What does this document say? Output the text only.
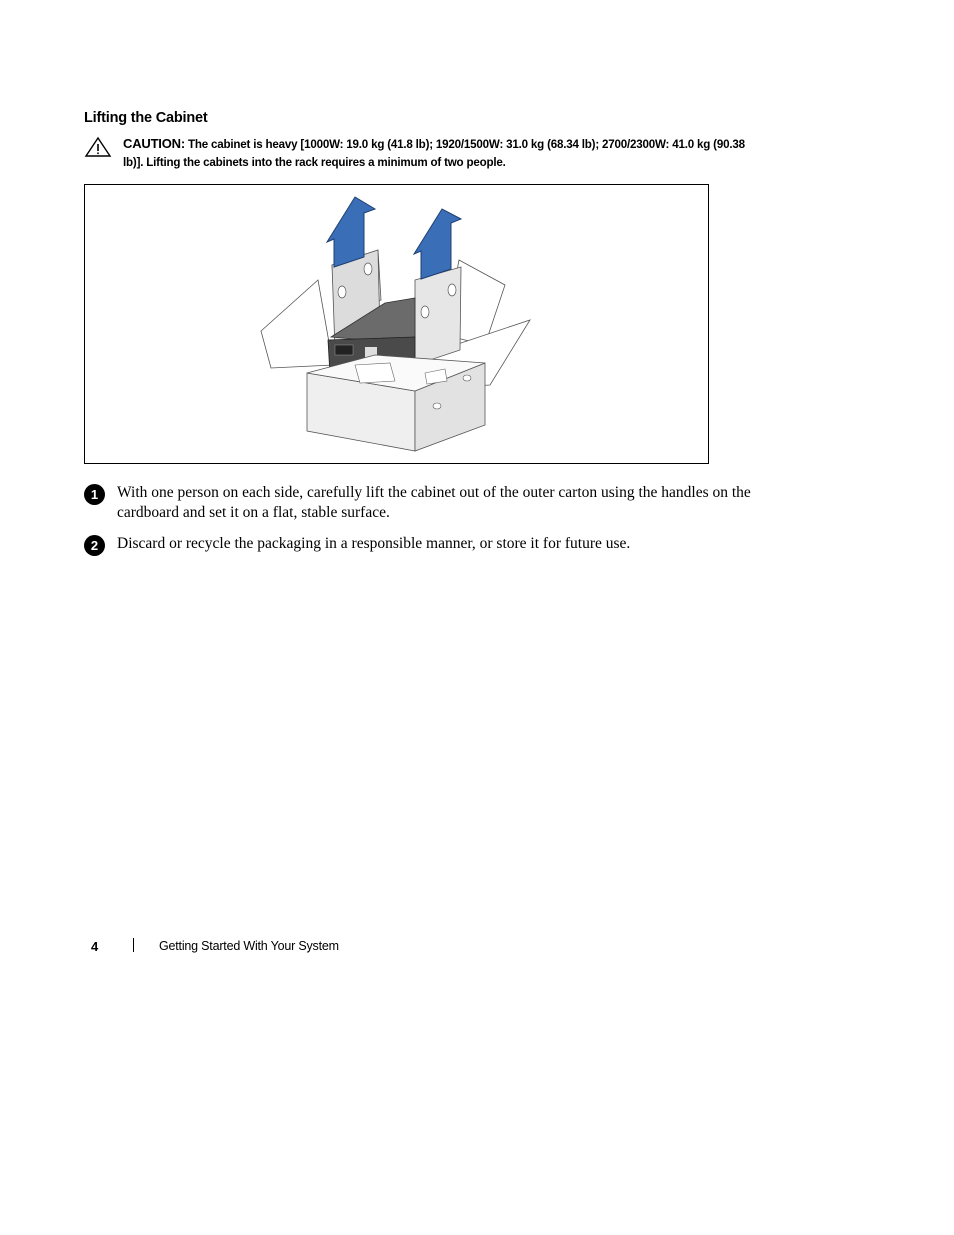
Lifting the Cabinet
CAUTION: The cabinet is heavy [1000W: 19.0 kg (41.8 lb); 1920/1500W: 31.0 kg (68.34 lb); 2700/2300W: 41.0 kg (90.38 lb)]. Lifting the cabinets into the rack requires a minimum of two people.
1	With one person on each side, carefully lift the cabinet out of the outer carton using the handles on the cardboard and set it on a flat, stable surface.
2	Discard or recycle the packaging in a responsible manner, or store it for future use.
4	Getting Started With Your System
